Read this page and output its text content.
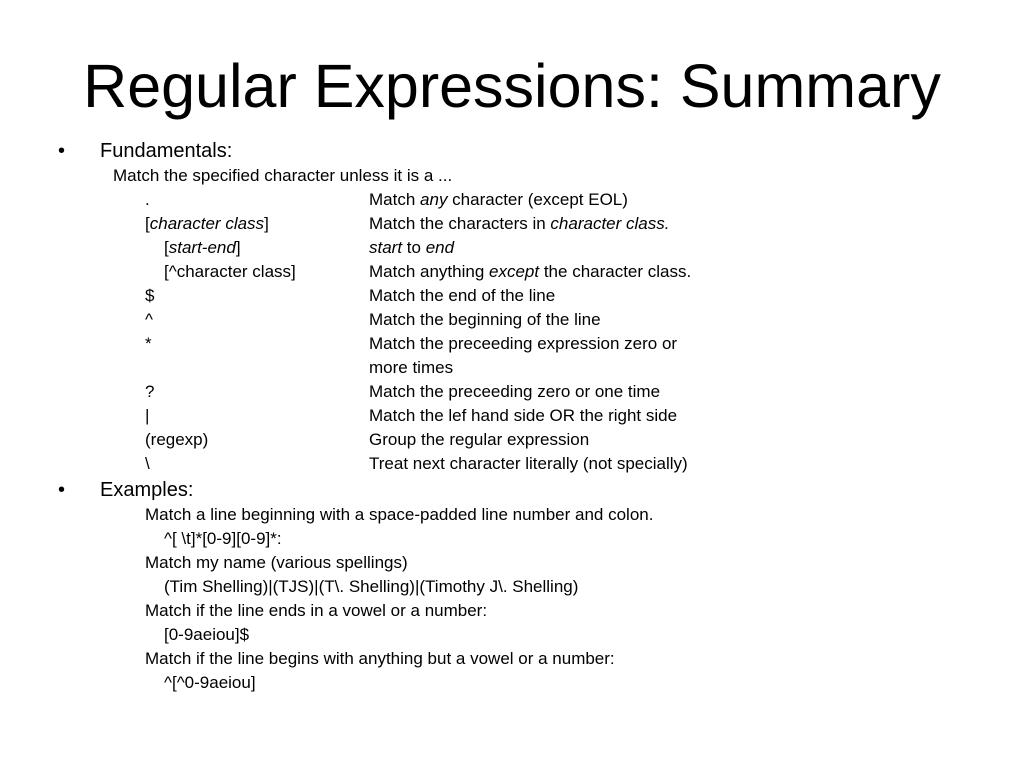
Regular Expressions: Summary
• Fundamentals:
Match the specified character unless it is a ...
.	Match any character (except EOL)
[character class]	Match the characters in character class.
[start-end]	start to end
[^character class]	Match anything except the character class.
$	Match the end of the line
^	Match the beginning of the line
*	Match the preceeding expression zero or
more times
?	Match the preceeding zero or one time
|	Match the lef hand side OR the right side
(regexp)	Group the regular expression
\	Treat next character literally (not specially)
• Examples:
Match a line beginning with a space-padded line number and colon.
^[ \t]*[0-9][0-9]*:
Match my name (various spellings)
(Tim Shelling)|(TJS)|(T\. Shelling)|(Timothy J\. Shelling)
Match if the line ends in a vowel or a number:
[0-9aeiou]$
Match if the line begins with anything but a vowel or a number:
^[^0-9aeiou]
